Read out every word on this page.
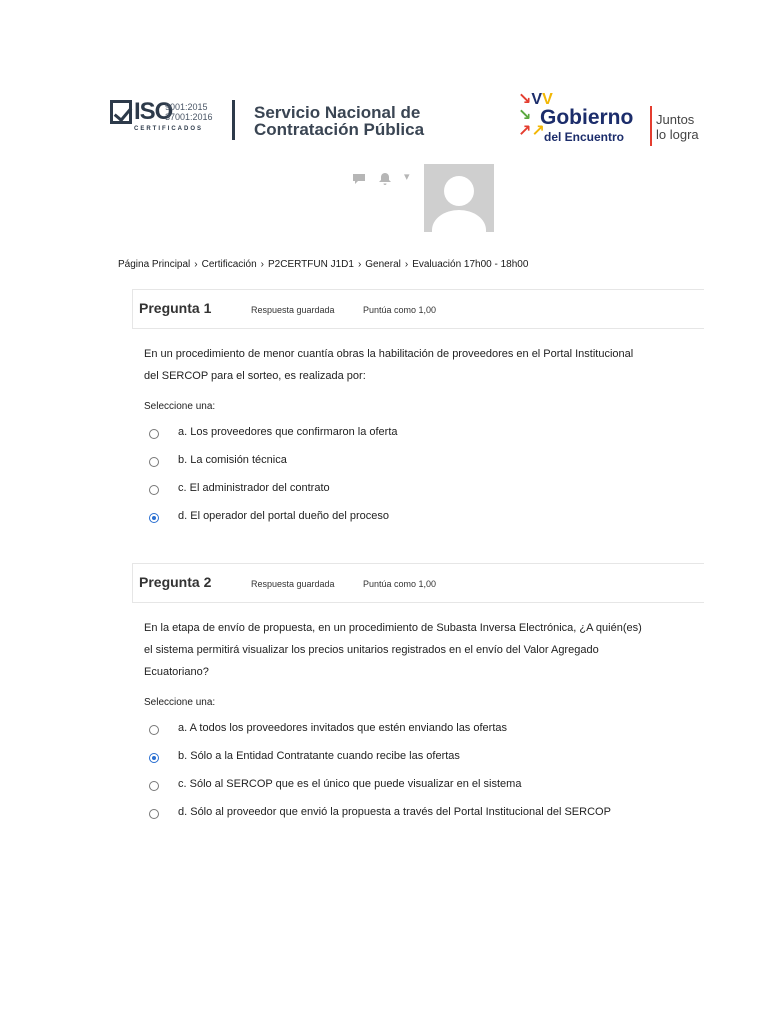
ISO
9001:2015
37001:2016
CERTIFICADOS
Servicio Nacional de
Contratación Pública
↘VV
↘
↗↗
Gobierno
del Encuentro
Juntos
lo logra
▾
Página Principal › Certificación › P2CERTFUN J1D1 › General › Evaluación 17h00 - 18h00
Pregunta 1	Respuesta guardada	Puntúa como 1,00
En un procedimiento de menor cuantía obras la habilitación de proveedores en el Portal Institucional del SERCOP para el sorteo, es realizada por:
Seleccione una:
a. Los proveedores que confirmaron la oferta
b. La comisión técnica
c. El administrador del contrato
d. El operador del portal dueño del proceso
Pregunta 2	Respuesta guardada	Puntúa como 1,00
En la etapa de envío de propuesta, en un procedimiento de Subasta Inversa Electrónica, ¿A quién(es) el sistema permitirá visualizar los precios unitarios registrados en el envío del Valor Agregado Ecuatoriano?
Seleccione una:
a. A todos los proveedores invitados que estén enviando las ofertas
b. Sólo a la Entidad Contratante cuando recibe las ofertas
c. Sólo al SERCOP que es el único que puede visualizar en el sistema
d. Sólo al proveedor que envió la propuesta a través del Portal Institucional del SERCOP
